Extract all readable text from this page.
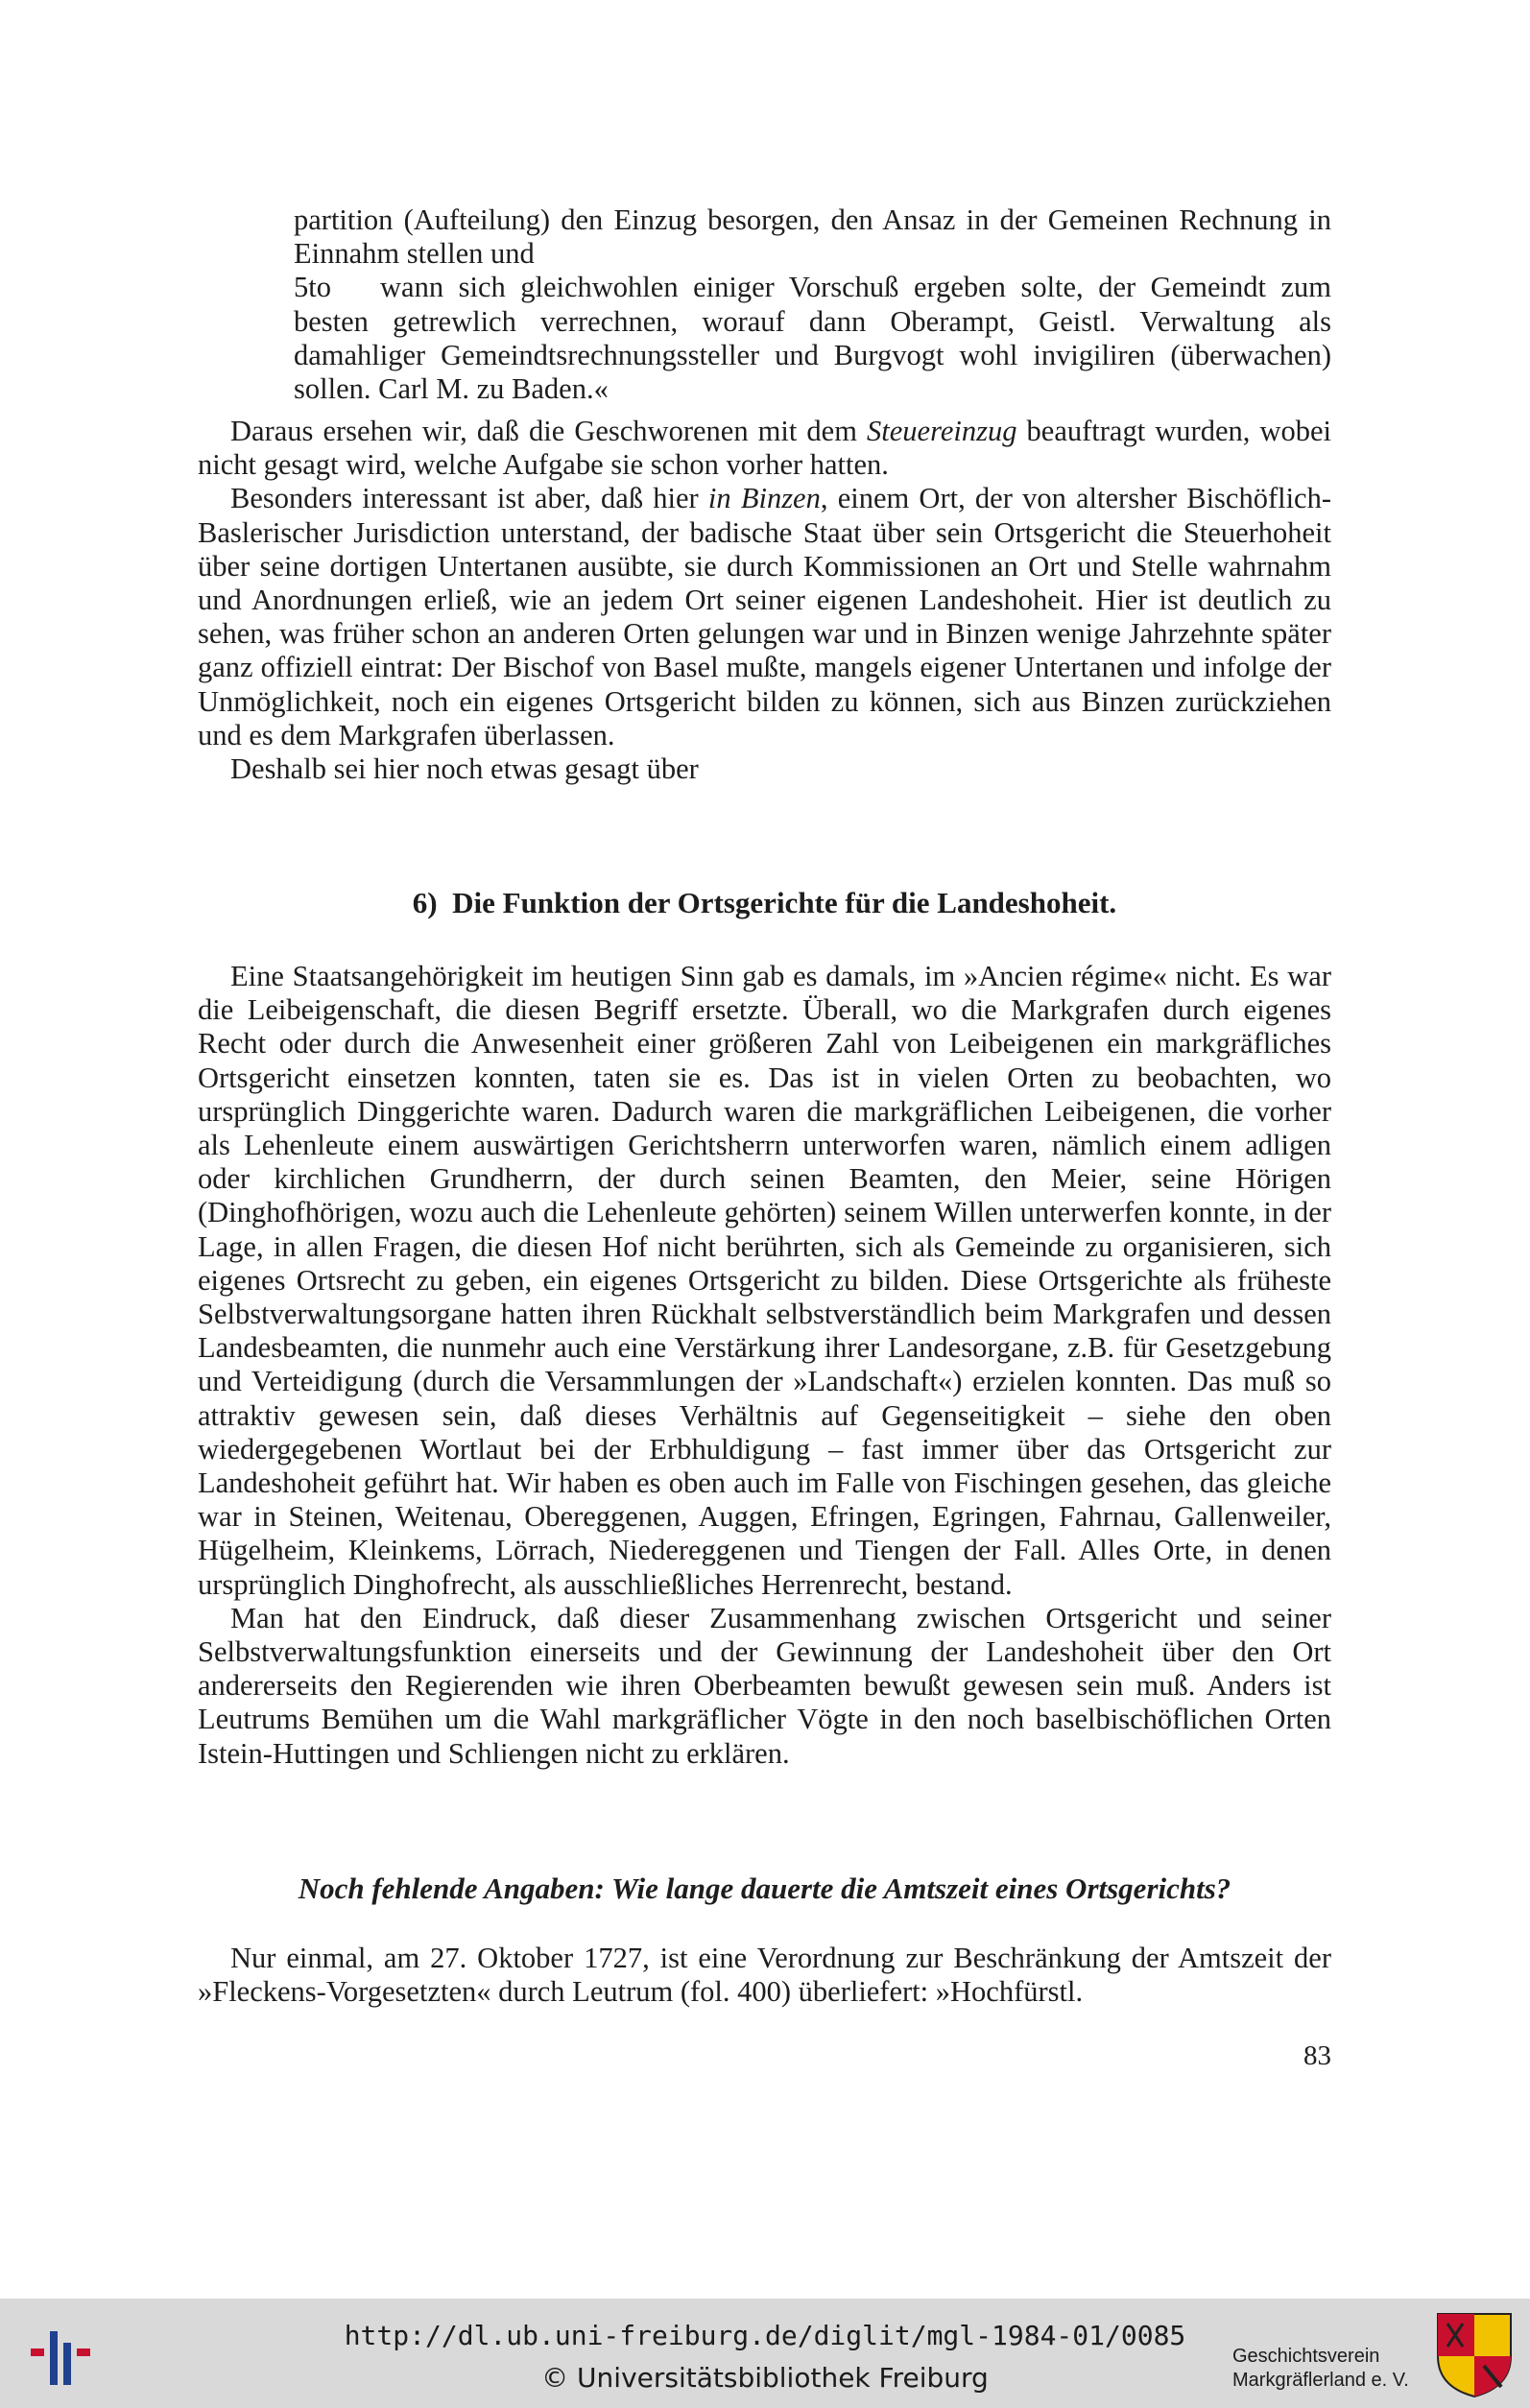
partition (Aufteilung) den Einzug besorgen, den Ansaz in der Gemeinen Rechnung in Einnahm stellen und

5to wann sich gleichwohlen einiger Vorschuß ergeben solte, der Gemeindt zum besten getrewlich verrechnen, worauf dann Oberampt, Geistl. Verwaltung als damahliger Gemeindtsrechnungssteller und Burgvogt wohl invigiliren (überwachen) sollen. Carl M. zu Baden.«

Daraus ersehen wir, daß die Geschworenen mit dem Steuereinzug beauftragt wurden, wobei nicht gesagt wird, welche Aufgabe sie schon vorher hatten.

Besonders interessant ist aber, daß hier in Binzen, einem Ort, der von altersher Bischöflich-Baslerischer Jurisdiction unterstand, der badische Staat über sein Ortsgericht die Steuerhoheit über seine dortigen Untertanen ausübte, sie durch Kommissionen an Ort und Stelle wahrnahm und Anordnungen erließ, wie an jedem Ort seiner eigenen Landeshoheit. Hier ist deutlich zu sehen, was früher schon an anderen Orten gelungen war und in Binzen wenige Jahrzehnte später ganz offiziell eintrat: Der Bischof von Basel mußte, mangels eigener Untertanen und infolge der Unmöglichkeit, noch ein eigenes Ortsgericht bilden zu können, sich aus Binzen zurückziehen und es dem Markgrafen überlassen.

Deshalb sei hier noch etwas gesagt über

6) Die Funktion der Ortsgerichte für die Landeshoheit.

Eine Staatsangehörigkeit im heutigen Sinn gab es damals, im »Ancien régime« nicht. Es war die Leibeigenschaft, die diesen Begriff ersetzte. Überall, wo die Markgrafen durch eigenes Recht oder durch die Anwesenheit einer größeren Zahl von Leibeigenen ein markgräfliches Ortsgericht einsetzen konnten, taten sie es. Das ist in vielen Orten zu beobachten, wo ursprünglich Dinggerichte waren. Dadurch waren die markgräflichen Leibeigenen, die vorher als Lehenleute einem auswärtigen Gerichtsherrn unterworfen waren, nämlich einem adligen oder kirchlichen Grundherrn, der durch seinen Beamten, den Meier, seine Hörigen (Dinghofhörigen, wozu auch die Lehenleute gehörten) seinem Willen unterwerfen konnte, in der Lage, in allen Fragen, die diesen Hof nicht berührten, sich als Gemeinde zu organisieren, sich eigenes Ortsrecht zu geben, ein eigenes Ortsgericht zu bilden. Diese Ortsgerichte als früheste Selbstverwaltungsorgane hatten ihren Rückhalt selbstverständlich beim Markgrafen und dessen Landesbeamten, die nunmehr auch eine Verstärkung ihrer Landesorgane, z.B. für Gesetzgebung und Verteidigung (durch die Versammlungen der »Landschaft«) erzielen konnten. Das muß so attraktiv gewesen sein, daß dieses Verhältnis auf Gegenseitigkeit – siehe den oben wiedergegebenen Wortlaut bei der Erbhuldigung – fast immer über das Ortsgericht zur Landeshoheit geführt hat. Wir haben es oben auch im Falle von Fischingen gesehen, das gleiche war in Steinen, Weitenau, Obereggenen, Auggen, Efringen, Egringen, Fahrnau, Gallenweiler, Hügelheim, Kleinkems, Lörrach, Niedereggenen und Tiengen der Fall. Alles Orte, in denen ursprünglich Dinghofrecht, als ausschließliches Herrenrecht, bestand.

Man hat den Eindruck, daß dieser Zusammenhang zwischen Ortsgericht und seiner Selbstverwaltungsfunktion einerseits und der Gewinnung der Landeshoheit über den Ort andererseits den Regierenden wie ihren Oberbeamten bewußt gewesen sein muß. Anders ist Leutrums Bemühen um die Wahl markgräflicher Vögte in den noch baselbischöflichen Orten Istein-Huttingen und Schliengen nicht zu erklären.

Noch fehlende Angaben: Wie lange dauerte die Amtszeit eines Ortsgerichts?

Nur einmal, am 27. Oktober 1727, ist eine Verordnung zur Beschränkung der Amtszeit der »Fleckens-Vorgesetzten« durch Leutrum (fol. 400) überliefert: »Hochfürstl.

83
http://dl.ub.uni-freiburg.de/diglit/mgl-1984-01/0085
© Universitätsbibliothek Freiburg
Geschichtsverein
Markgräflerland e. V.
